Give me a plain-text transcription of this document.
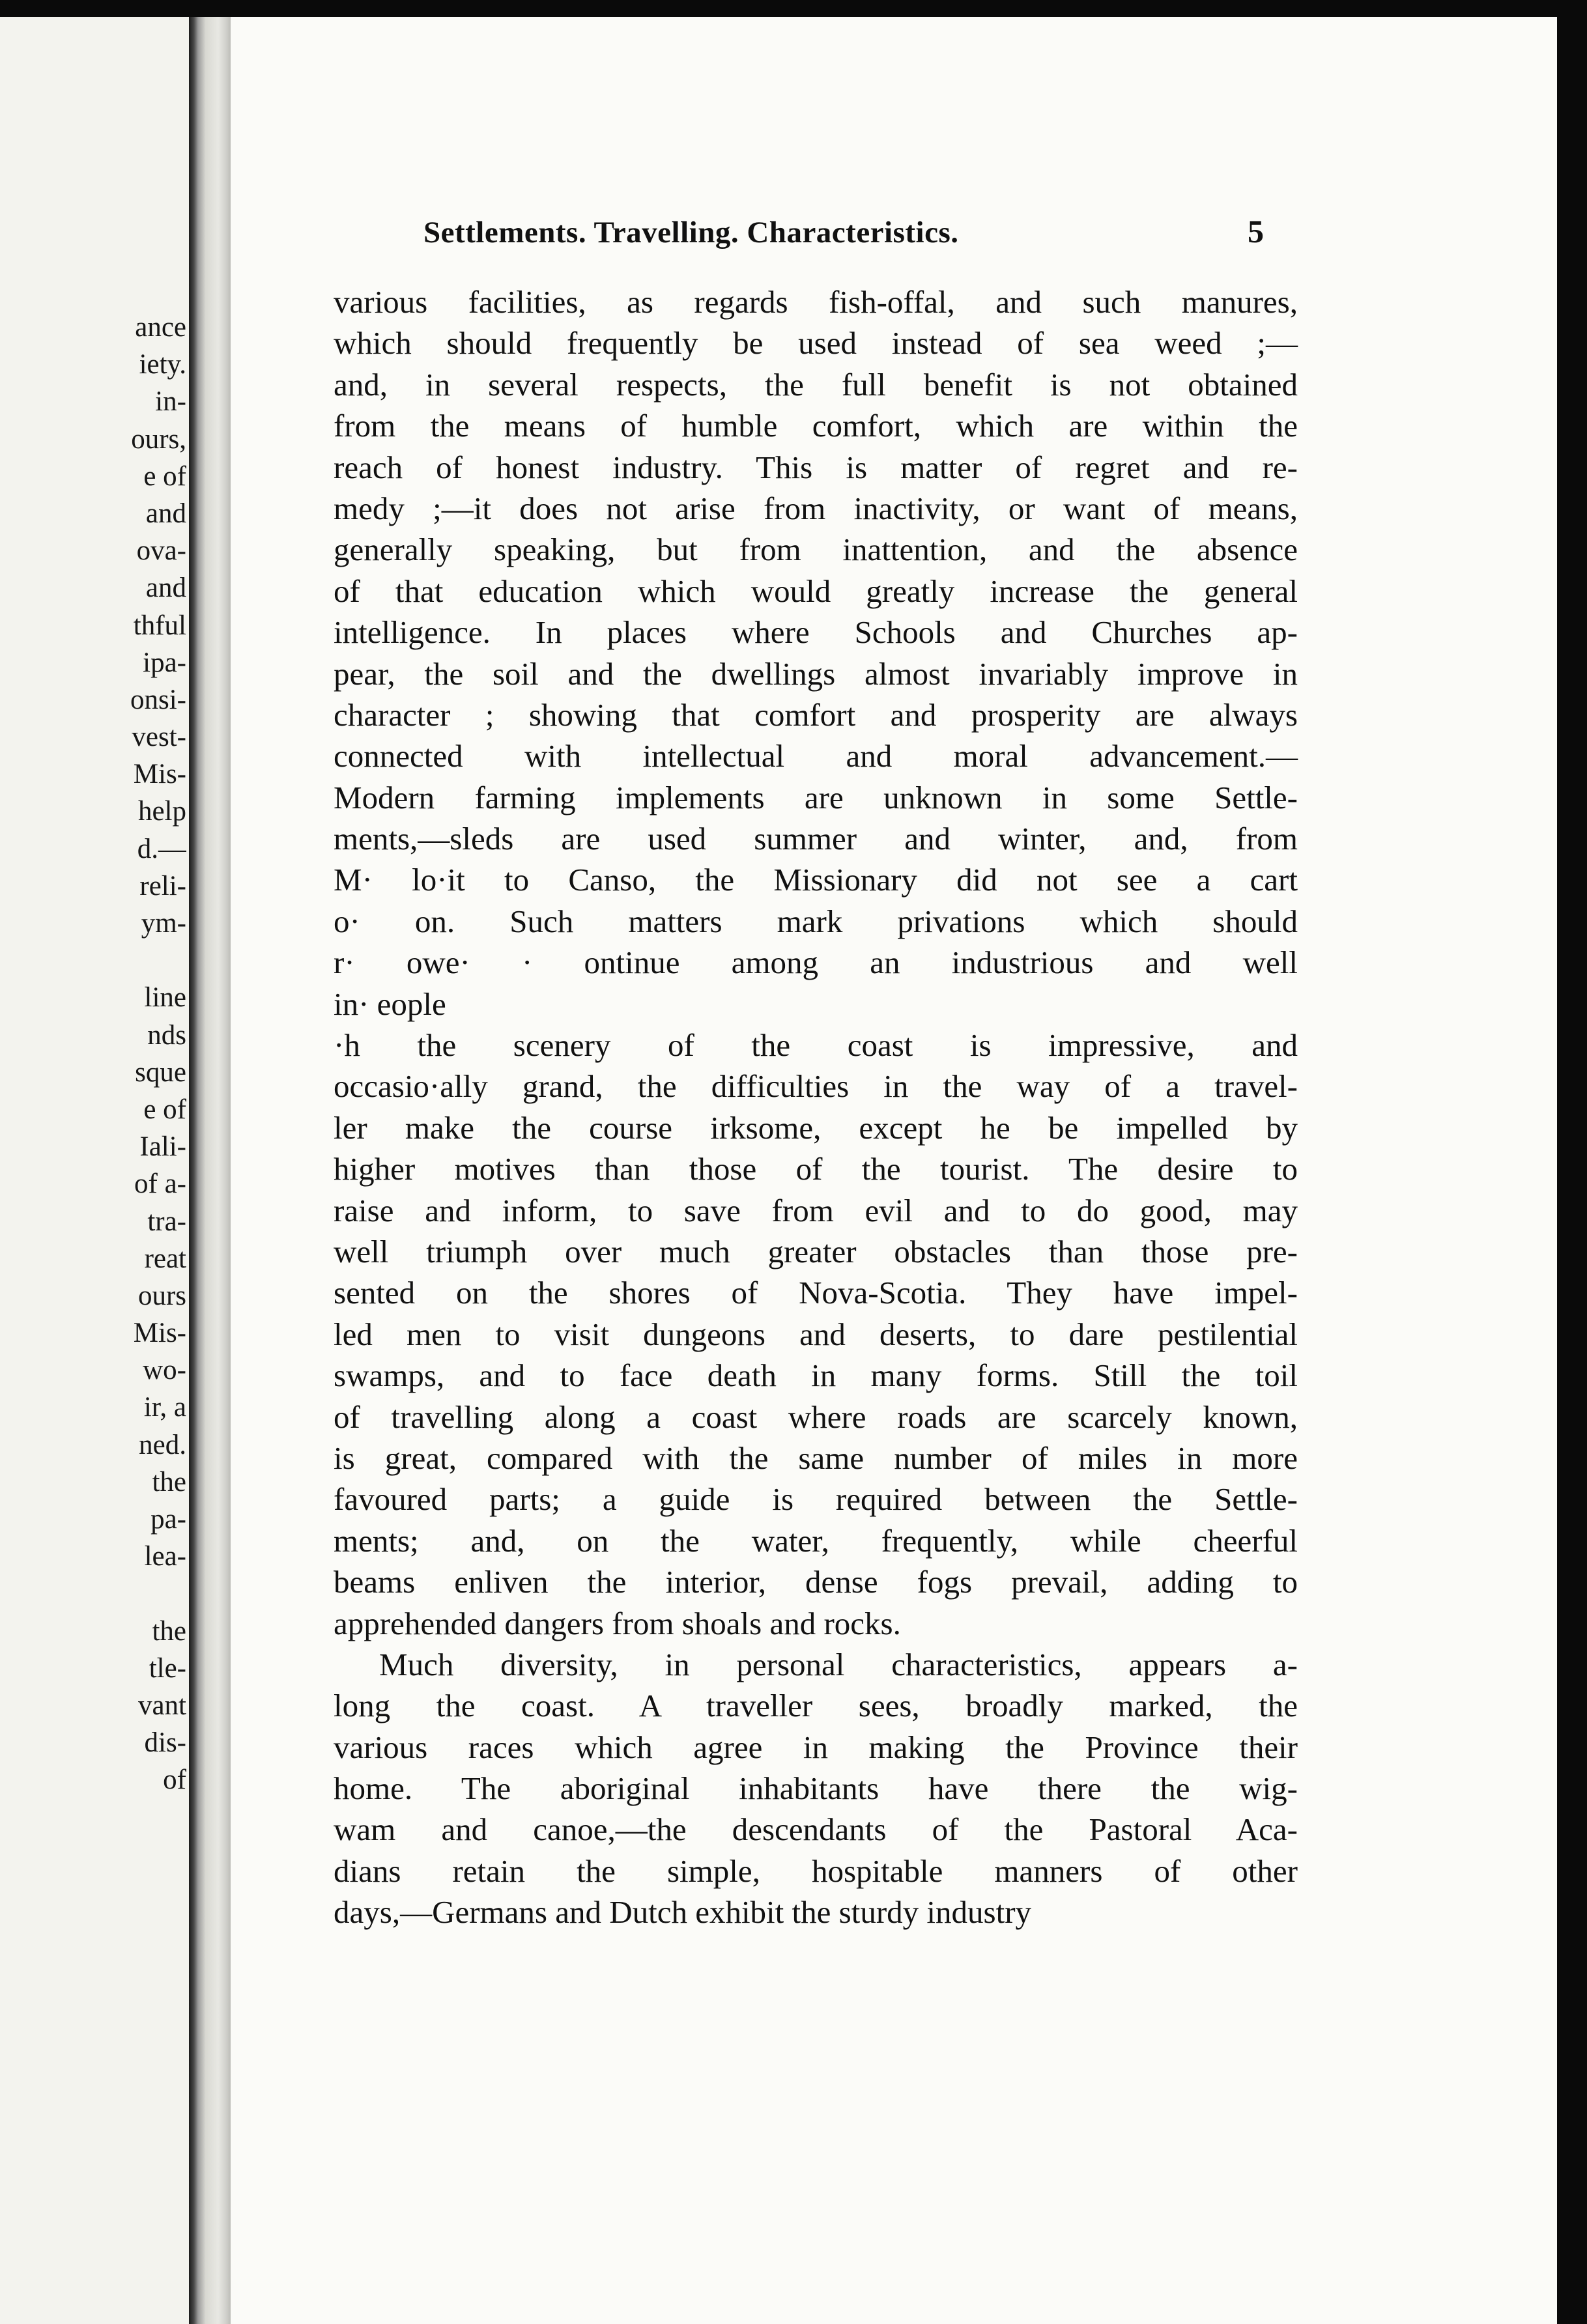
ance
iety.
in-
ours,
e of
and
ova-
and
thful
ipa-
onsi-
vest-
Mis-
help
d.—
reli-
ym-
line
nds
sque
e of
Iali-
of a-
tra-
reat
ours
Mis-
wo-
ir, a
ned.
the
pa-
lea-
the
tle-
vant
dis-
of
Settlements. Travelling. Characteristics.	5
various facilities, as regards fish-offal, and such manures,
which should frequently be used instead of sea weed ;—
and, in several respects, the full benefit is not obtained
from the means of humble comfort, which are within the
reach of honest industry. This is matter of regret and re-
medy ;—it does not arise from inactivity, or want of means,
generally speaking, but from inattention, and the absence
of that education which would greatly increase the general
intelligence. In places where Schools and Churches ap-
pear, the soil and the dwellings almost invariably improve in
character ; showing that comfort and prosperity are always
connected with intellectual and moral advancement.—
Modern farming implements are unknown in some Settle-
ments,—sleds are used summer and winter, and, from
M· lo·it to Canso, the Missionary did not see a cart
o· on. Such matters mark privations which should
r· owe· · ontinue among an industrious and well
in· eople
·h the scenery of the coast is impressive, and
occasio·ally grand, the difficulties in the way of a travel-
ler make the course irksome, except he be impelled by
higher motives than those of the tourist. The desire to
raise and inform, to save from evil and to do good, may
well triumph over much greater obstacles than those pre-
sented on the shores of Nova-Scotia. They have impel-
led men to visit dungeons and deserts, to dare pestilential
swamps, and to face death in many forms. Still the toil
of travelling along a coast where roads are scarcely known,
is great, compared with the same number of miles in more
favoured parts; a guide is required between the Settle-
ments; and, on the water, frequently, while cheerful
beams enliven the interior, dense fogs prevail, adding to
apprehended dangers from shoals and rocks.
Much diversity, in personal characteristics, appears a-
long the coast. A traveller sees, broadly marked, the
various races which agree in making the Province their
home. The aboriginal inhabitants have there the wig-
wam and canoe,—the descendants of the Pastoral Aca-
dians retain the simple, hospitable manners of other
days,—Germans and Dutch exhibit the sturdy industry
